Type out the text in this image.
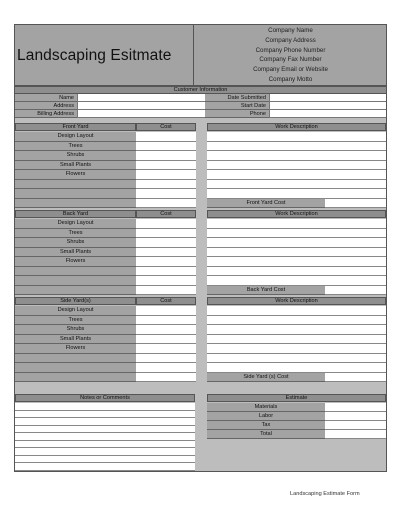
Landscaping Esitmate
Company Name
Company Address
Company Phone Number
Company Fax Number
Company Email or Website
Company Motto
Customer Information
Name	Date Submitted
Address	Start Date
Billing Address	Phone
Front Yard	Cost	Work Description
Design Layout
Trees
Shrubs
Small Plants
Flowers
Front Yard Cost
Back Yard	Cost	Work Description
Design Layout
Trees
Shrubs
Small Plants
Flowers
Back Yard Cost
Side Yard(s)	Cost	Work Description
Design Layout
Trees
Shrubs
Small Plants
Flowers
Side Yard (s) Cost
Notes or Comments	Estimate
Materials
Labor
Tax
Total
Landscaping Estimate Form
